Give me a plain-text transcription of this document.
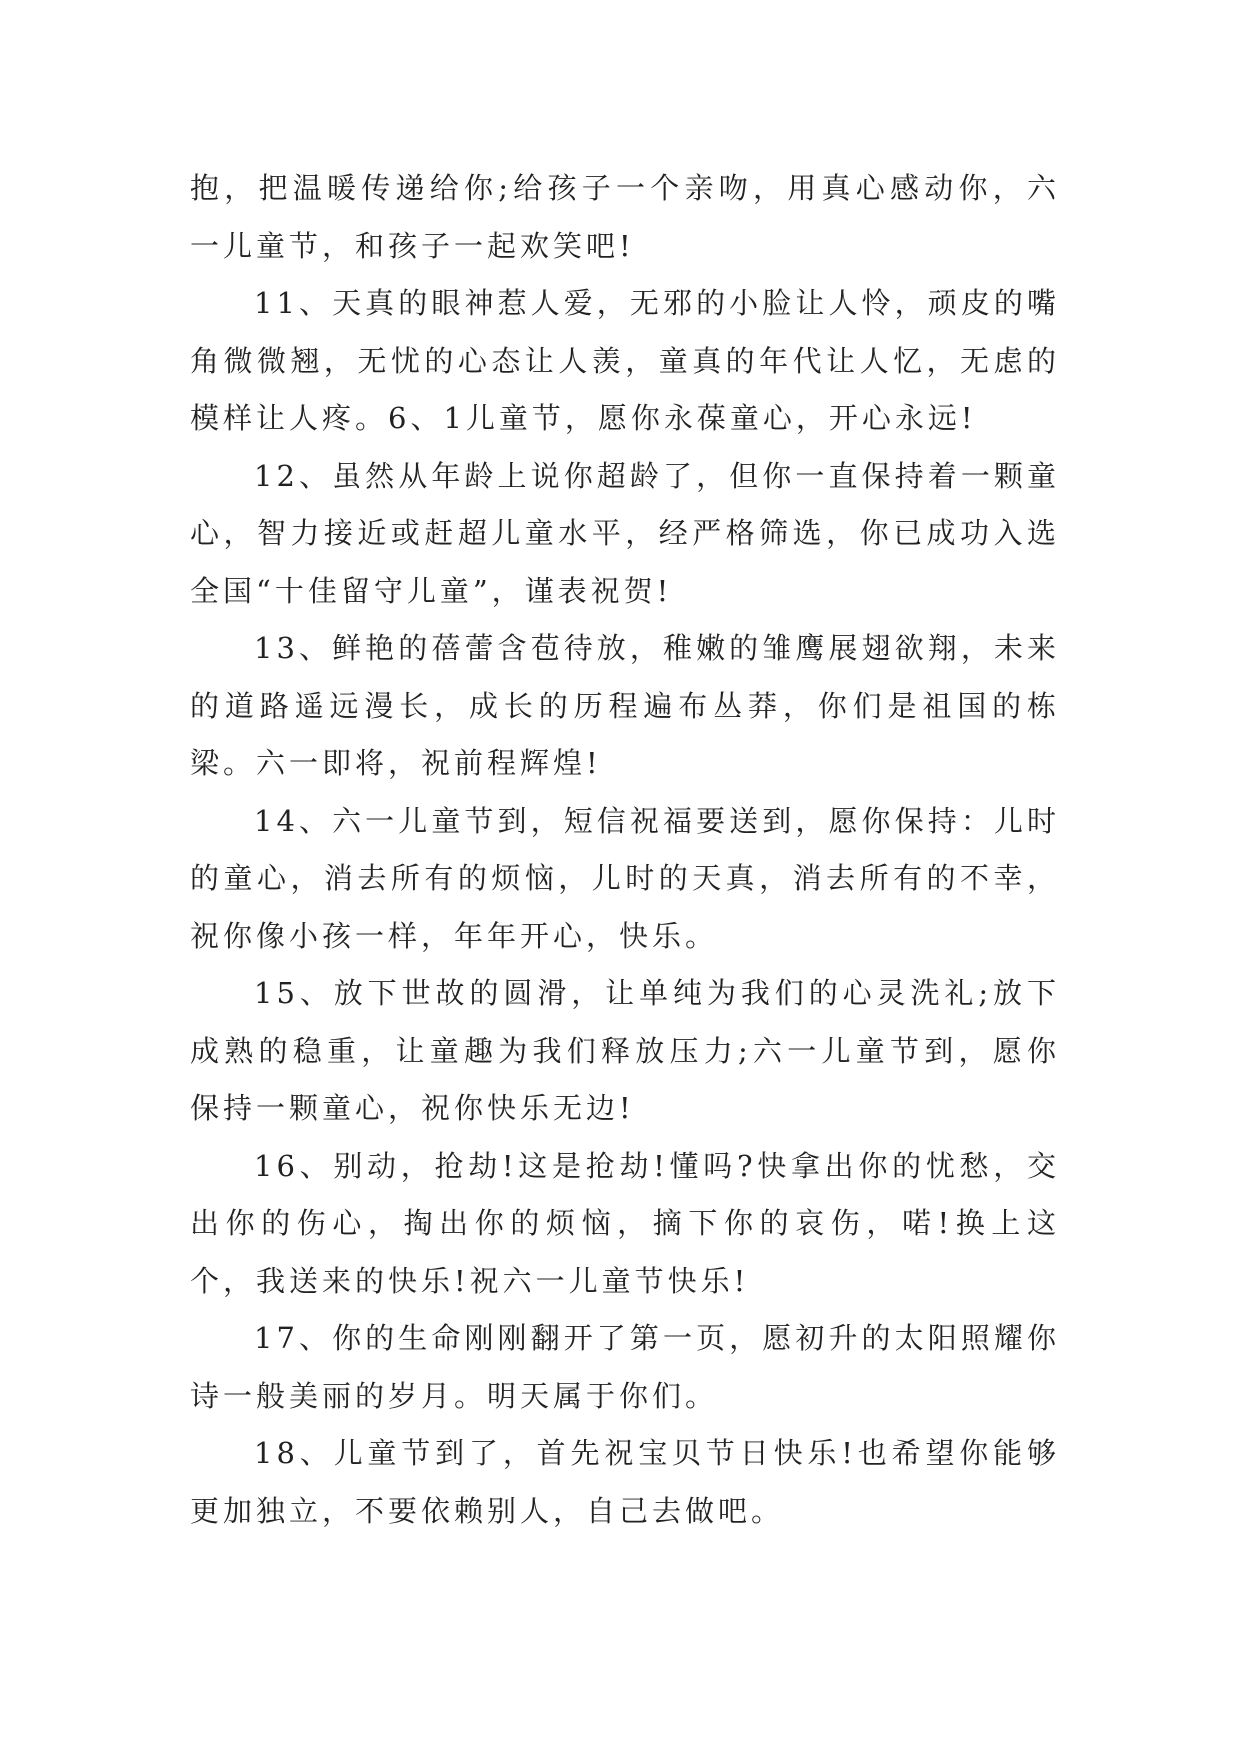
抱，把温暖传递给你;给孩子一个亲吻，用真心感动你，六一儿童节，和孩子一起欢笑吧!

11、天真的眼神惹人爱，无邪的小脸让人怜，顽皮的嘴角微微翘，无忧的心态让人羡，童真的年代让人忆，无虑的模样让人疼。6、1儿童节，愿你永葆童心，开心永远!

12、虽然从年龄上说你超龄了，但你一直保持着一颗童心，智力接近或赶超儿童水平，经严格筛选，你已成功入选全国“十佳留守儿童”，谨表祝贺!

13、鲜艳的蓓蕾含苞待放，稚嫩的雏鹰展翅欲翔，未来的道路遥远漫长，成长的历程遍布丛莽，你们是祖国的栋梁。六一即将，祝前程辉煌!

14、六一儿童节到，短信祝福要送到，愿你保持：儿时的童心，消去所有的烦恼，儿时的天真，消去所有的不幸，祝你像小孩一样，年年开心，快乐。

15、放下世故的圆滑，让单纯为我们的心灵洗礼;放下成熟的稳重，让童趣为我们释放压力;六一儿童节到，愿你保持一颗童心，祝你快乐无边!

16、别动，抢劫!这是抢劫!懂吗?快拿出你的忧愁，交出你的伤心，掏出你的烦恼，摘下你的哀伤，喏!换上这个，我送来的快乐!祝六一儿童节快乐!

17、你的生命刚刚翻开了第一页，愿初升的太阳照耀你诗一般美丽的岁月。明天属于你们。

18、儿童节到了，首先祝宝贝节日快乐!也希望你能够更加独立，不要依赖别人，自己去做吧。
